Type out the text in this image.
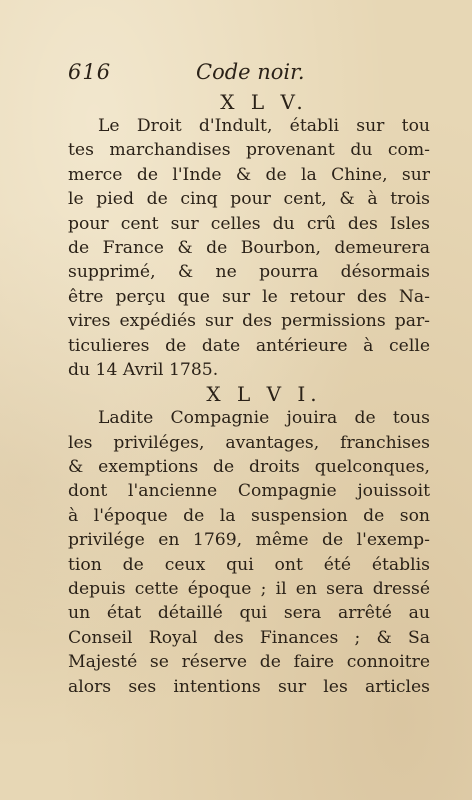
616	Code noir.
X L V.
Le Droit d'Indult, établi sur tou
tes marchandises provenant du com-
merce de l'Inde & de la Chine, sur
le pied de cinq pour cent, & à trois
pour cent sur celles du crû des Isles
de France & de Bourbon, demeurera
supprimé, & ne pourra désormais
être perçu que sur le retour des Na-
vires expédiés sur des permissions par-
ticulieres de date antérieure à celle
du 14 Avril 1785.
X L V I.
Ladite Compagnie jouira de tous
les priviléges, avantages, franchises
& exemptions de droits quelconques,
dont l'ancienne Compagnie jouissoit
à l'époque de la suspension de son
privilége en 1769, même de l'exemp-
tion de ceux qui ont été établis
depuis cette époque ; il en sera dressé
un état détaillé qui sera arrêté au
Conseil Royal des Finances ; & Sa
Majesté se réserve de faire connoitre
alors ses intentions sur les articles
